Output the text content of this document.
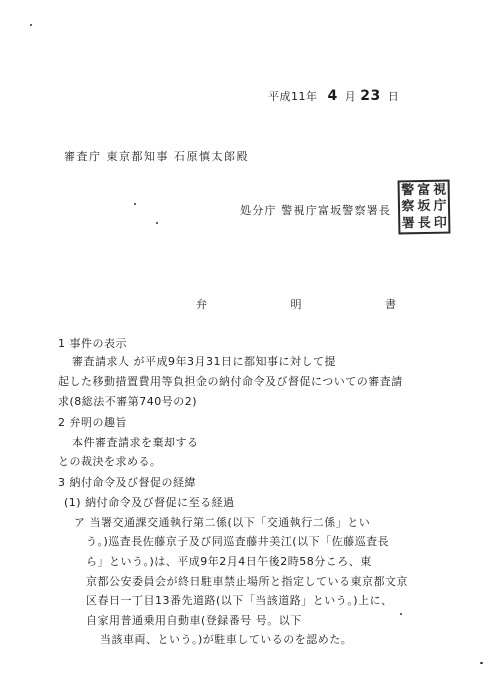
平成11年 4 月 23 日
審査庁 東京都知事 石原慎太郎殿
処分庁 警視庁富坂警察署長
警 富 視
察 坂 庁
署 長 印
弁 明 書
1 事件の表示
審査請求人 が平成9年3月31日に都知事に対して提
起した移動措置費用等負担金の納付命令及び督促についての審査請
求(8総法不審第740号の2)
2 弁明の趣旨
本件審査請求を棄却する
との裁決を求める。
3 納付命令及び督促の経緯
(1) 納付命令及び督促に至る経過
ア 当署交通課交通執行第二係(以下「交通執行二係」とい
う。)巡査長佐藤京子及び同巡査藤井美江(以下「佐藤巡査長
ら」という。)は、平成9年2月4日午後2時58分ころ、東
京都公安委員会が終日駐車禁止場所と指定している東京都文京
区春日一丁目13番先道路(以下「当該道路」という。)上に、
自家用普通乗用自動車(登録番号 号。以下
当該車両、という。)が駐車しているのを認めた。
